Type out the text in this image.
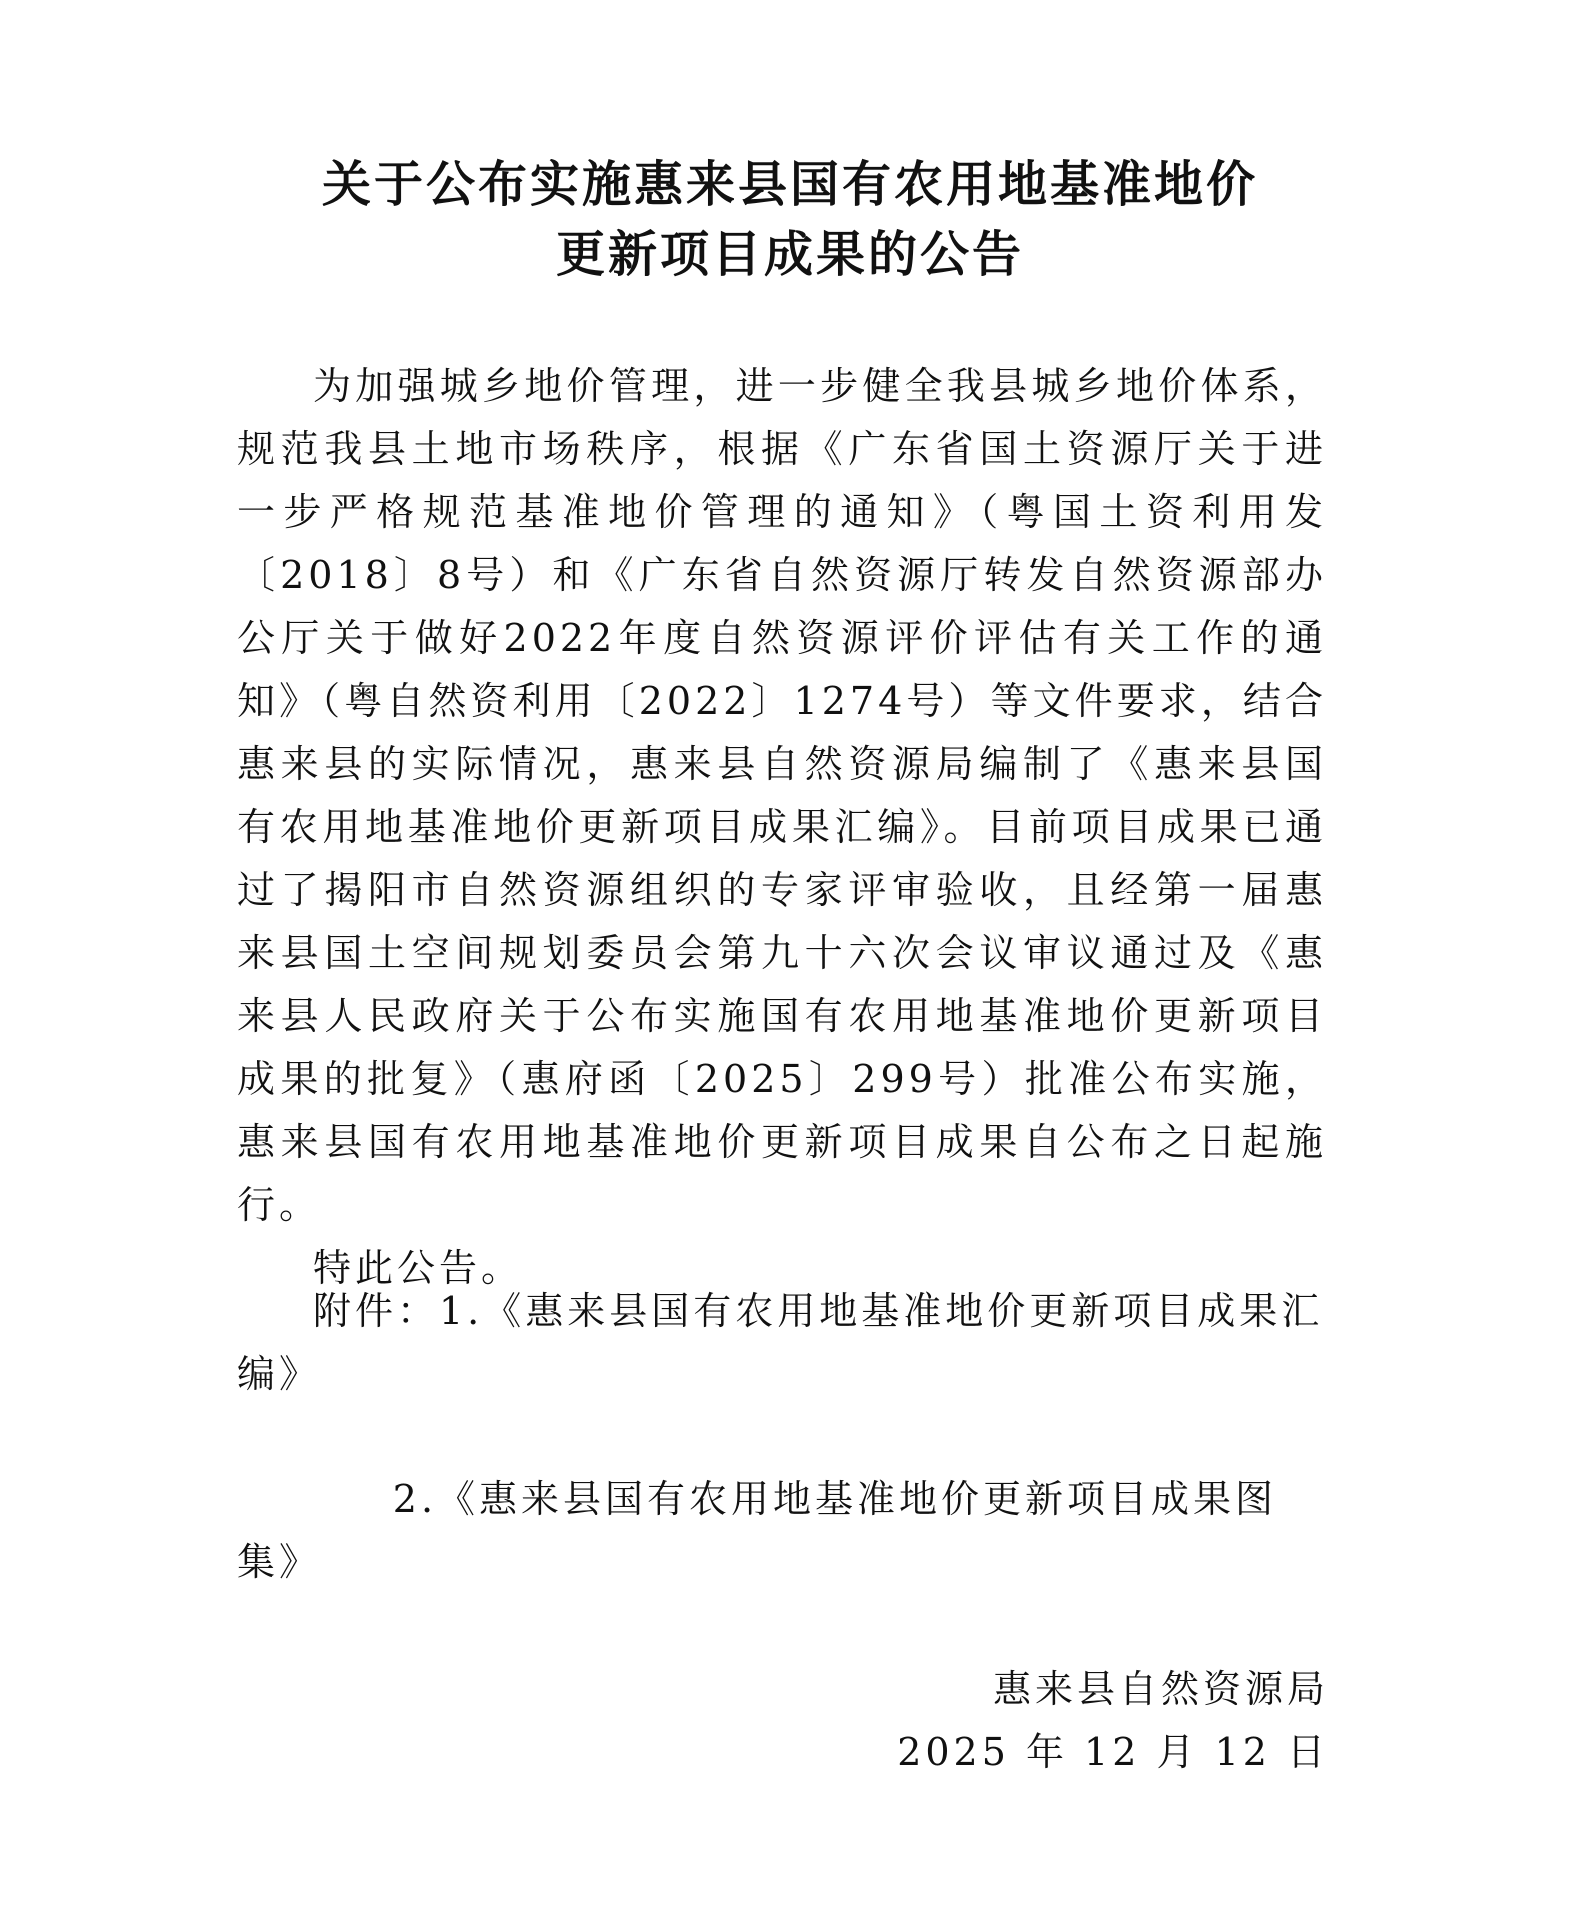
关于公布实施惠来县国有农用地基准地价
更新项目成果的公告

为加强城乡地价管理，进一步健全我县城乡地价体系，规范我县土地市场秩序，根据《广东省国土资源厅关于进一步严格规范基准地价管理的通知》（粤国土资利用发〔2018〕8号）和《广东省自然资源厅转发自然资源部办公厅关于做好2022年度自然资源评价评估有关工作的通知》（粤自然资利用〔2022〕1274号）等文件要求，结合惠来县的实际情况，惠来县自然资源局编制了《惠来县国有农用地基准地价更新项目成果汇编》。目前项目成果已通过了揭阳市自然资源组织的专家评审验收，且经第一届惠来县国土空间规划委员会第九十六次会议审议通过及《惠来县人民政府关于公布实施国有农用地基准地价更新项目成果的批复》（惠府函〔2025〕299号）批准公布实施，惠来县国有农用地基准地价更新项目成果自公布之日起施行。

特此公告。

附件：1.《惠来县国有农用地基准地价更新项目成果汇编》

2.《惠来县国有农用地基准地价更新项目成果图集》

惠来县自然资源局
2025 年 12 月 12 日
